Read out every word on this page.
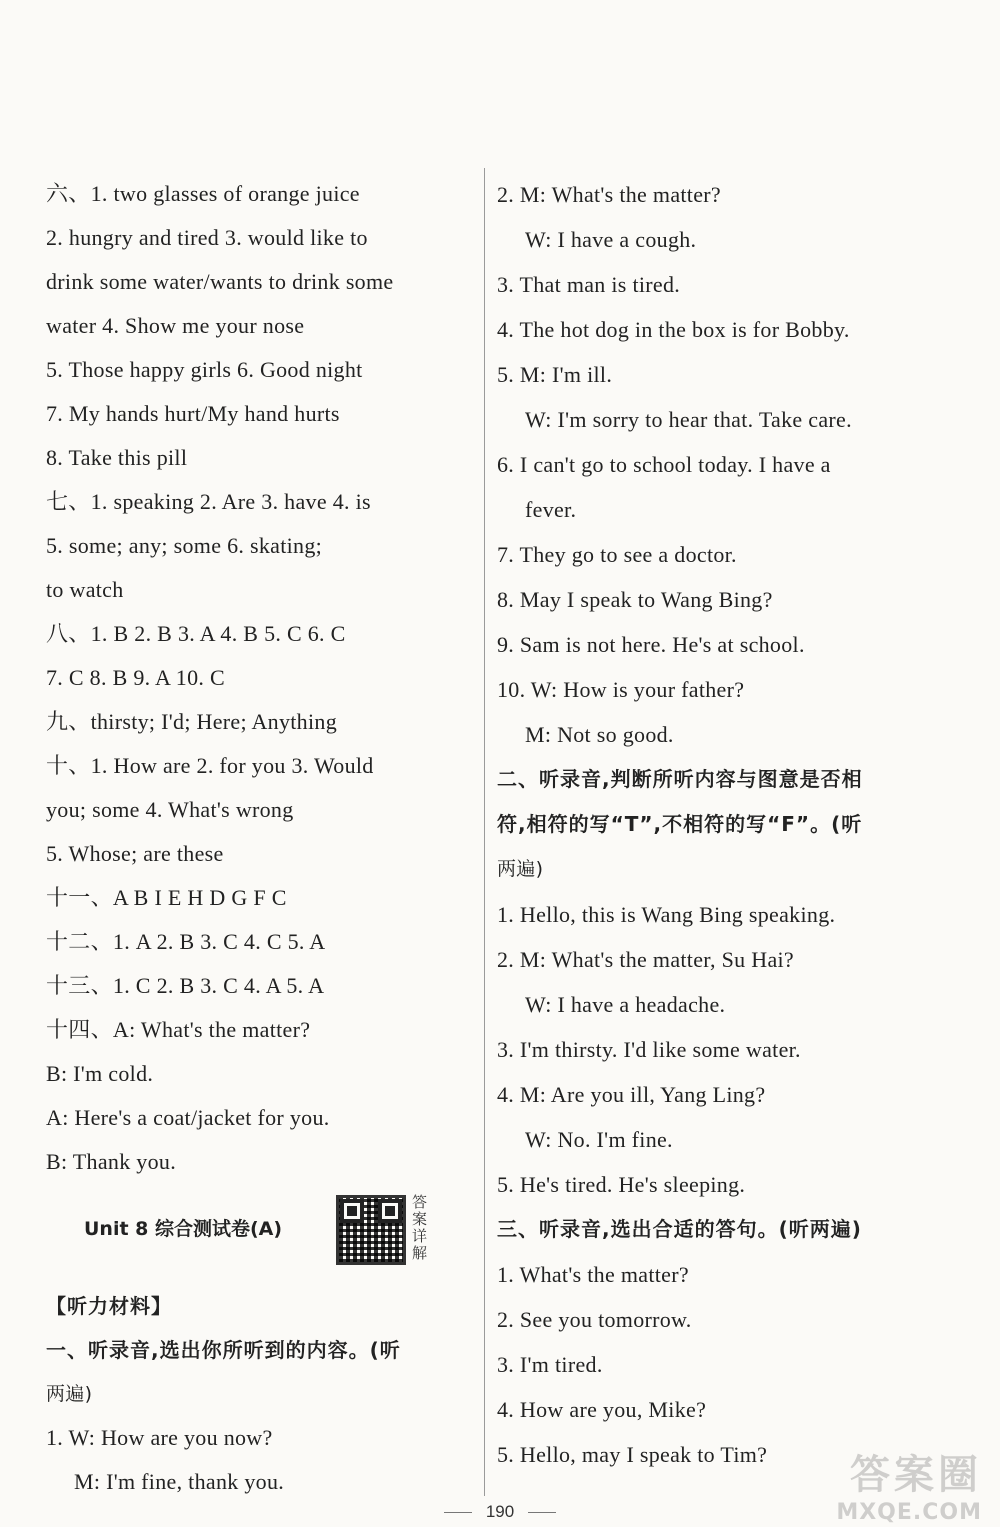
六、1. two glasses of orange juice
2. hungry and tired 3. would like to
drink some water/wants to drink some
water 4. Show me your nose
5. Those happy girls 6. Good night
7. My hands hurt/My hand hurts
8. Take this pill
七、1. speaking 2. Are 3. have 4. is
5. some; any; some 6. skating;
to watch
八、1. B 2. B 3. A 4. B 5. C 6. C
7. C 8. B 9. A 10. C
九、thirsty; I'd; Here; Anything
十、1. How are 2. for you 3. Would
you; some 4. What's wrong
5. Whose; are these
十一、A B I E H D G F C
十二、1. A 2. B 3. C 4. C 5. A
十三、1. C 2. B 3. C 4. A 5. A
十四、A: What's the matter?
B: I'm cold.
A: Here's a coat/jacket for you.
B: Thank you.
Unit 8 综合测试卷(A)
答案详解
【听力材料】
一、听录音,选出你所听到的内容。(听
两遍)
1. W: How are you now?
M: I'm fine, thank you.
2. M: What's the matter?
W: I have a cough.
3. That man is tired.
4. The hot dog in the box is for Bobby.
5. M: I'm ill.
W: I'm sorry to hear that. Take care.
6. I can't go to school today. I have a
fever.
7. They go to see a doctor.
8. May I speak to Wang Bing?
9. Sam is not here. He's at school.
10. W: How is your father?
M: Not so good.
二、听录音,判断所听内容与图意是否相
符,相符的写“T”,不相符的写“F”。(听
两遍)
1. Hello, this is Wang Bing speaking.
2. M: What's the matter, Su Hai?
W: I have a headache.
3. I'm thirsty. I'd like some water.
4. M: Are you ill, Yang Ling?
W: No. I'm fine.
5. He's tired. He's sleeping.
三、听录音,选出合适的答句。(听两遍)
1. What's the matter?
2. See you tomorrow.
3. I'm tired.
4. How are you, Mike?
5. Hello, may I speak to Tim?
190
答案圈
MXQE.COM
